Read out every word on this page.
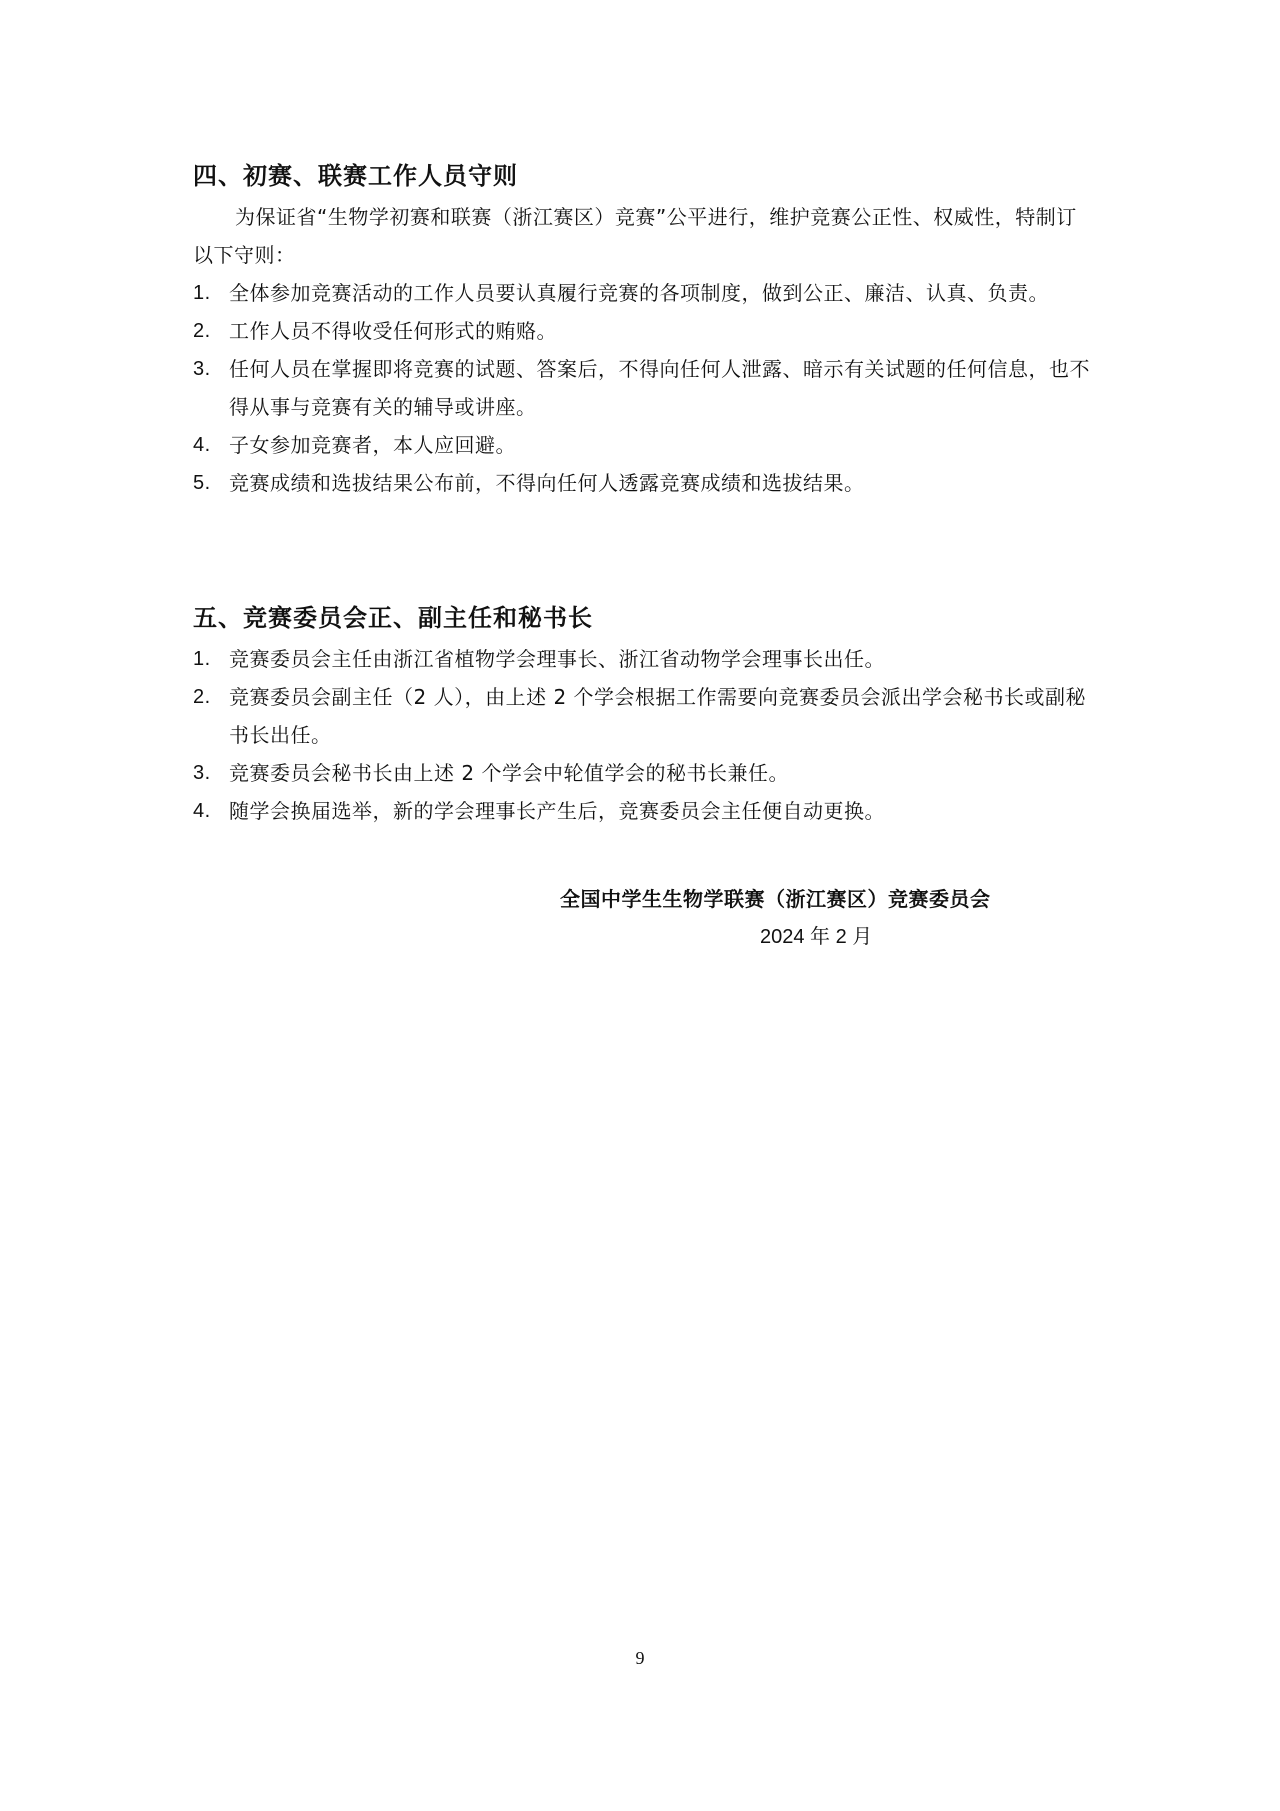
四、初赛、联赛工作人员守则

为保证省“生物学初赛和联赛（浙江赛区）竞赛”公平进行，维护竞赛公正性、权威性，特制订以下守则：

1. 全体参加竞赛活动的工作人员要认真履行竞赛的各项制度，做到公正、廉洁、认真、负责。
2. 工作人员不得收受任何形式的贿赂。
3. 任何人员在掌握即将竞赛的试题、答案后，不得向任何人泄露、暗示有关试题的任何信息，也不得从事与竞赛有关的辅导或讲座。
4. 子女参加竞赛者，本人应回避。
5. 竞赛成绩和选拔结果公布前，不得向任何人透露竞赛成绩和选拔结果。
五、竞赛委员会正、副主任和秘书长
1. 竞赛委员会主任由浙江省植物学会理事长、浙江省动物学会理事长出任。
2. 竞赛委员会副主任（2 人），由上述 2 个学会根据工作需要向竞赛委员会派出学会秘书长或副秘书长出任。
3. 竞赛委员会秘书长由上述 2 个学会中轮值学会的秘书长兼任。
4. 随学会换届选举，新的学会理事长产生后，竞赛委员会主任便自动更换。
全国中学生生物学联赛（浙江赛区）竞赛委员会
2024 年 2 月
9
